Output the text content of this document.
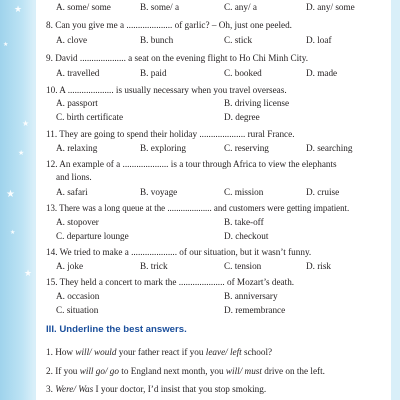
★
★
★
★
★
★
★
A. some/ some	B. some/ a	C. any/ a	D. any/ some
8. Can you give me a .................... of garlic? – Oh, just one peeled.
A. clove	B. bunch	C. stick	D. loaf
9. David .................... a seat on the evening flight to Ho Chi Minh City.
A. travelled	B. paid	C. booked	D. made
10. A .................... is usually necessary when you travel overseas.
A. passport	B. driving license
C. birth certificate	D. degree
11. They are going to spend their holiday .................... rural France.
A. relaxing	B. exploring	C. reserving	D. searching
12. An example of a .................... is a tour through Africa to view the elephants
and lions.
A. safari	B. voyage	C. mission	D. cruise
13. There was a long queue at the .................... and customers were getting impatient.
A. stopover	B. take-off
C. departure lounge	D. checkout
14. We tried to make a .................... of our situation, but it wasn’t funny.
A. joke	B. trick	C. tension	D. risk
15. They held a concert to mark the .................... of Mozart’s death.
A. occasion	B. anniversary
C. situation	D. remembrance
III. Underline the best answers.
1. How will/ would your father react if you leave/ left school?
2. If you will go/ go to England next month, you will/ must drive on the left.
3. Were/ Was I your doctor, I’d insist that you stop smoking.
